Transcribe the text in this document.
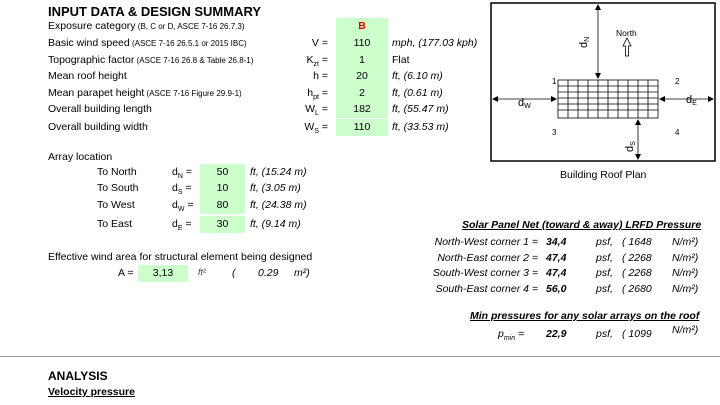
INPUT DATA & DESIGN SUMMARY
Exposure category (B, C or D, ASCE 7-16 26.7.3)	B
Basic wind speed (ASCE 7-16 26.5.1 or 2015 IBC)	V =	110	mph, (177.03 kph)
Topographic factor (ASCE 7-16 26.8 & Table 26.8-1)	$K_{zt}$ =	1	Flat
Mean roof height	h =	20	ft, (6.10 m)
Mean parapet height (ASCE 7-16 Figure 29.9-1)	$h_{pt}$ =	2	ft, (0.61 m)
Overall building length	$W_L$ =	182	ft, (55.47 m)
Overall building width	$W_S$ =	110	ft, (33.53 m)
Array location
To North	$d_N$ =	50	ft, (15.24 m)
To South	$d_S$ =	10	ft, (3.05 m)
To West	$d_W$ =	80	ft, (24.38 m)
To East	$d_E$ =	30	ft, (9.14 m)
Effective wind area for structural element being designed
A =	3,13	ft² ( 0.29 m²)
North
dN
dW
dE
dS
1	2
3	4
Building Roof Plan
Solar Panel Net (toward & away) LRFD Pressure
North-West corner 1 = 34,4	psf, ( 1648 N/m²)
North-East corner 2 = 47,4	psf, ( 2268 N/m²)
South-West corner 3 = 47,4	psf, ( 2268 N/m²)
South-East corner 4 = 56,0	psf, ( 2680 N/m²)
Min pressures for any solar arrays on the roof
$p_{min} = 22,9$	psf, ( 1099 N/m²)
ANALYSIS
Velocity pressure
